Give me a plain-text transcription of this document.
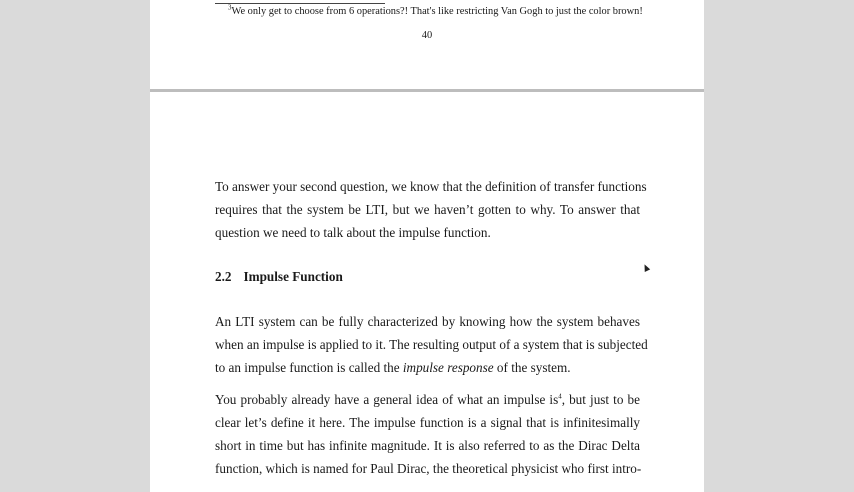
$^3$We only get to choose from 6 operations?! That's like restricting Van Gogh to just the color brown!
40
To answer your second question, we know that the definition of transfer functions
requires that the system be LTI, but we haven’t gotten to why. To answer that
question we need to talk about the impulse function.
2.2 Impulse Function
An LTI system can be fully characterized by knowing how the system behaves
when an impulse is applied to it. The resulting output of a system that is subjected
to an impulse function is called the impulse response of the system.
You probably already have a general idea of what an impulse $is^4$, but just to be
clear let’s define it here. The impulse function is a signal that is infinitesimally
short in time but has infinite magnitude. It is also referred to as the Dirac Delta
function, which is named for Paul Dirac, the theoretical physicist who first intro-
